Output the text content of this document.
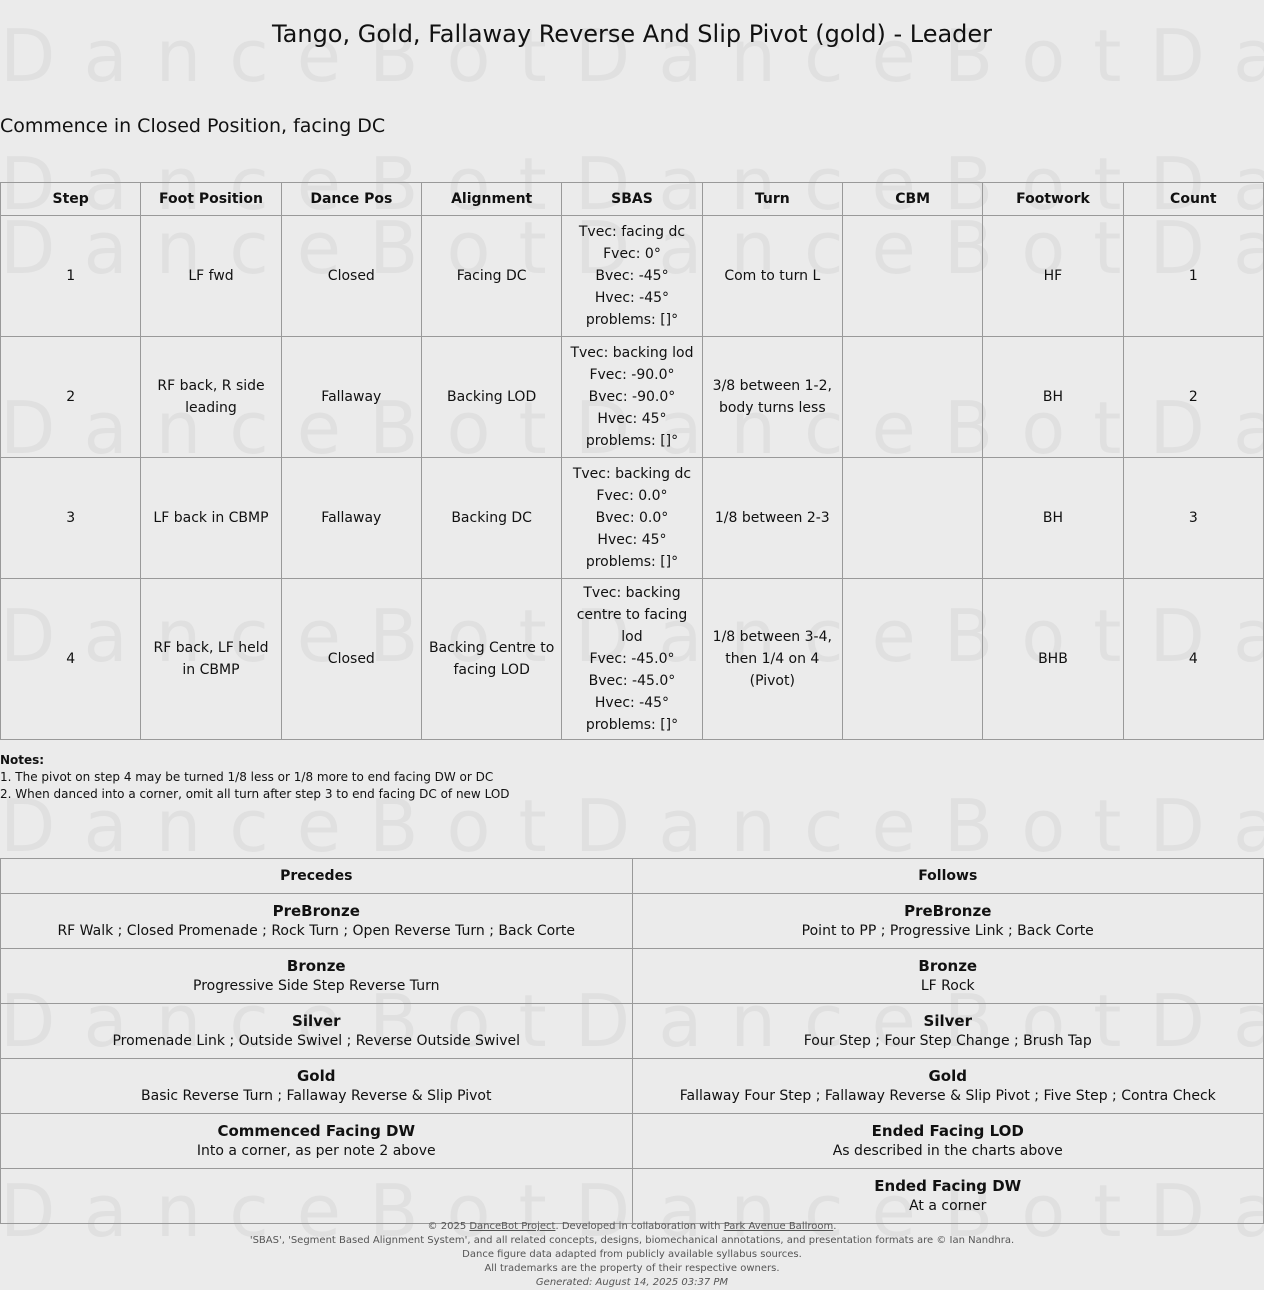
Tango, Gold, Fallaway Reverse And Slip Pivot (gold) - Leader
Commence in Closed Position, facing DC
Step	Foot Position	Dance Pos	Alignment	SBAS	Turn	CBM	Footwork	Count
1	LF fwd	Closed	Facing DC	Tvec: facing dc
Fvec: 0°
Bvec: -45°
Hvec: -45°
problems: []°	Com to turn L		HF	1
2	RF back, R side leading	Fallaway	Backing LOD	Tvec: backing lod
Fvec: -90.0°
Bvec: -90.0°
Hvec: 45°
problems: []°	3/8 between 1-2, body turns less		BH	2
3	LF back in CBMP	Fallaway	Backing DC	Tvec: backing dc
Fvec: 0.0°
Bvec: 0.0°
Hvec: 45°
problems: []°	1/8 between 2-3		BH	3
4	RF back, LF held in CBMP	Closed	Backing Centre to facing LOD	Tvec: backing centre to facing lod
Fvec: -45.0°
Bvec: -45.0°
Hvec: -45°
problems: []°	1/8 between 3-4, then 1/4 on 4 (Pivot)		BHB	4
Notes:
1. The pivot on step 4 may be turned 1/8 less or 1/8 more to end facing DW or DC
2. When danced into a corner, omit all turn after step 3 to end facing DC of new LOD
Precedes	Follows

PreBronze
RF Walk ; Closed Promenade ; Rock Turn ; Open Reverse Turn ; Back Corte	PreBronze
Point to PP ; Progressive Link ; Back Corte

Bronze
Progressive Side Step Reverse Turn	Bronze
LF Rock

Silver
Promenade Link ; Outside Swivel ; Reverse Outside Swivel	Silver
Four Step ; Four Step Change ; Brush Tap

Gold
Basic Reverse Turn ; Fallaway Reverse & Slip Pivot	Gold
Fallaway Four Step ; Fallaway Reverse & Slip Pivot ; Five Step ; Contra Check

Commenced Facing DW
Into a corner, as per note 2 above	Ended Facing LOD
As described in the charts above

	Ended Facing DW
At a corner
© 2025 DanceBot Project. Developed in collaboration with Park Avenue Ballroom.
'SBAS', 'Segment Based Alignment System', and all related concepts, designs, biomechanical annotations, and presentation formats are © Ian Nandhra.
Dance figure data adapted from publicly available syllabus sources.
All trademarks are the property of their respective owners.
Generated: August 14, 2025 03:37 PM
